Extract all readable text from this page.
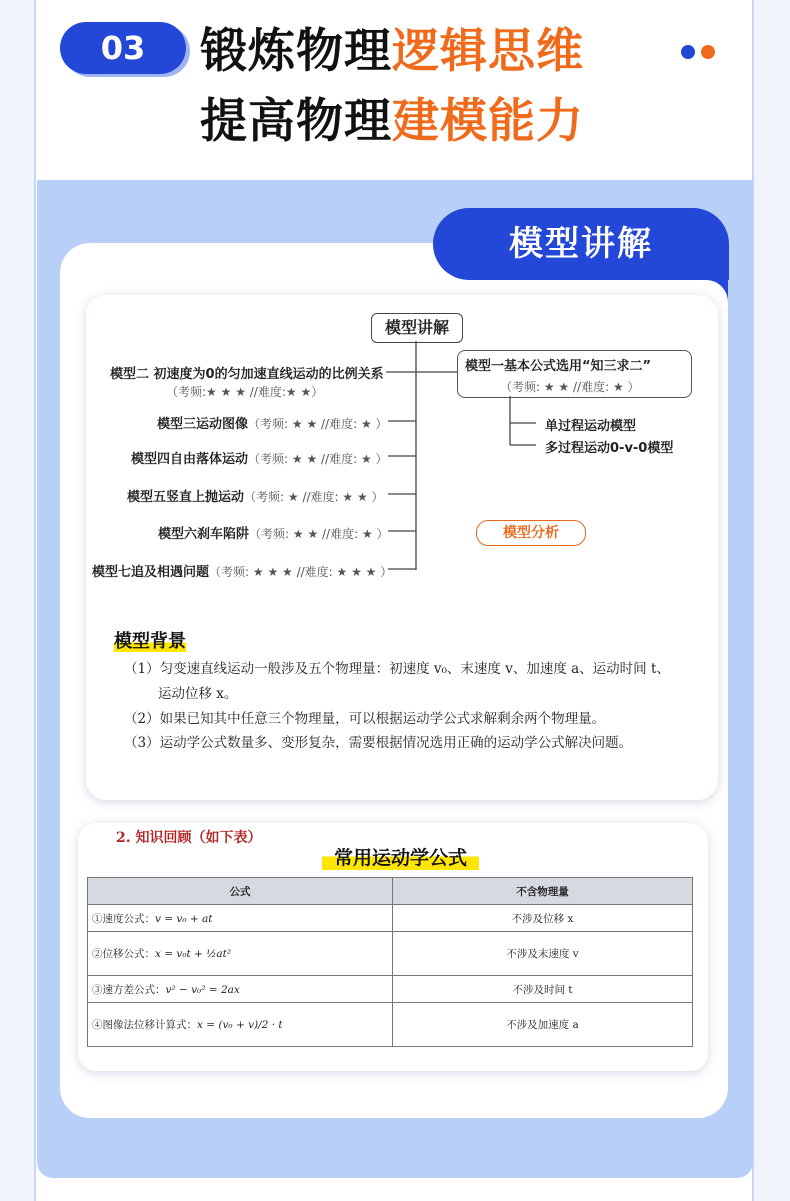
03	锻炼物理逻辑思维
提高物理建模能力
模型讲解
模型讲解
模型一基本公式选用“知三求二”
（考频: ★ ★ //难度: ★ ）
单过程运动模型
多过程运动0-v-0模型
模型二 初速度为0的匀加速直线运动的比例关系
（考频:★ ★ ★ //难度:★ ★）
模型三运动图像（考频: ★ ★ //难度: ★ ）
模型四自由落体运动（考频: ★ ★ //难度: ★ ）
模型五竖直上抛运动（考频: ★ //难度: ★ ★ ）
模型六刹车陷阱（考频: ★ ★ //难度: ★ ）
模型七追及相遇问题（考频: ★ ★ ★ //难度: ★ ★ ★ ）
模型分析
模型背景
（1）匀变速直线运动一般涉及五个物理量：初速度 v₀、末速度 v、加速度 a、运动时间 t、
运动位移 x。
（2）如果已知其中任意三个物理量，可以根据运动学公式求解剩余两个物理量。
（3）运动学公式数量多、变形复杂，需要根据情况选用正确的运动学公式解决问题。
2. 知识回顾（如下表）
常用运动学公式
公式	不含物理量
①速度公式：v = v₀ + at	不涉及位移 x
②位移公式：x = v₀t + ½at²	不涉及末速度 v
③速方差公式：v² − v₀² = 2ax	不涉及时间 t
④图像法位移计算式：x = (v₀ + v)/2 · t	不涉及加速度 a
